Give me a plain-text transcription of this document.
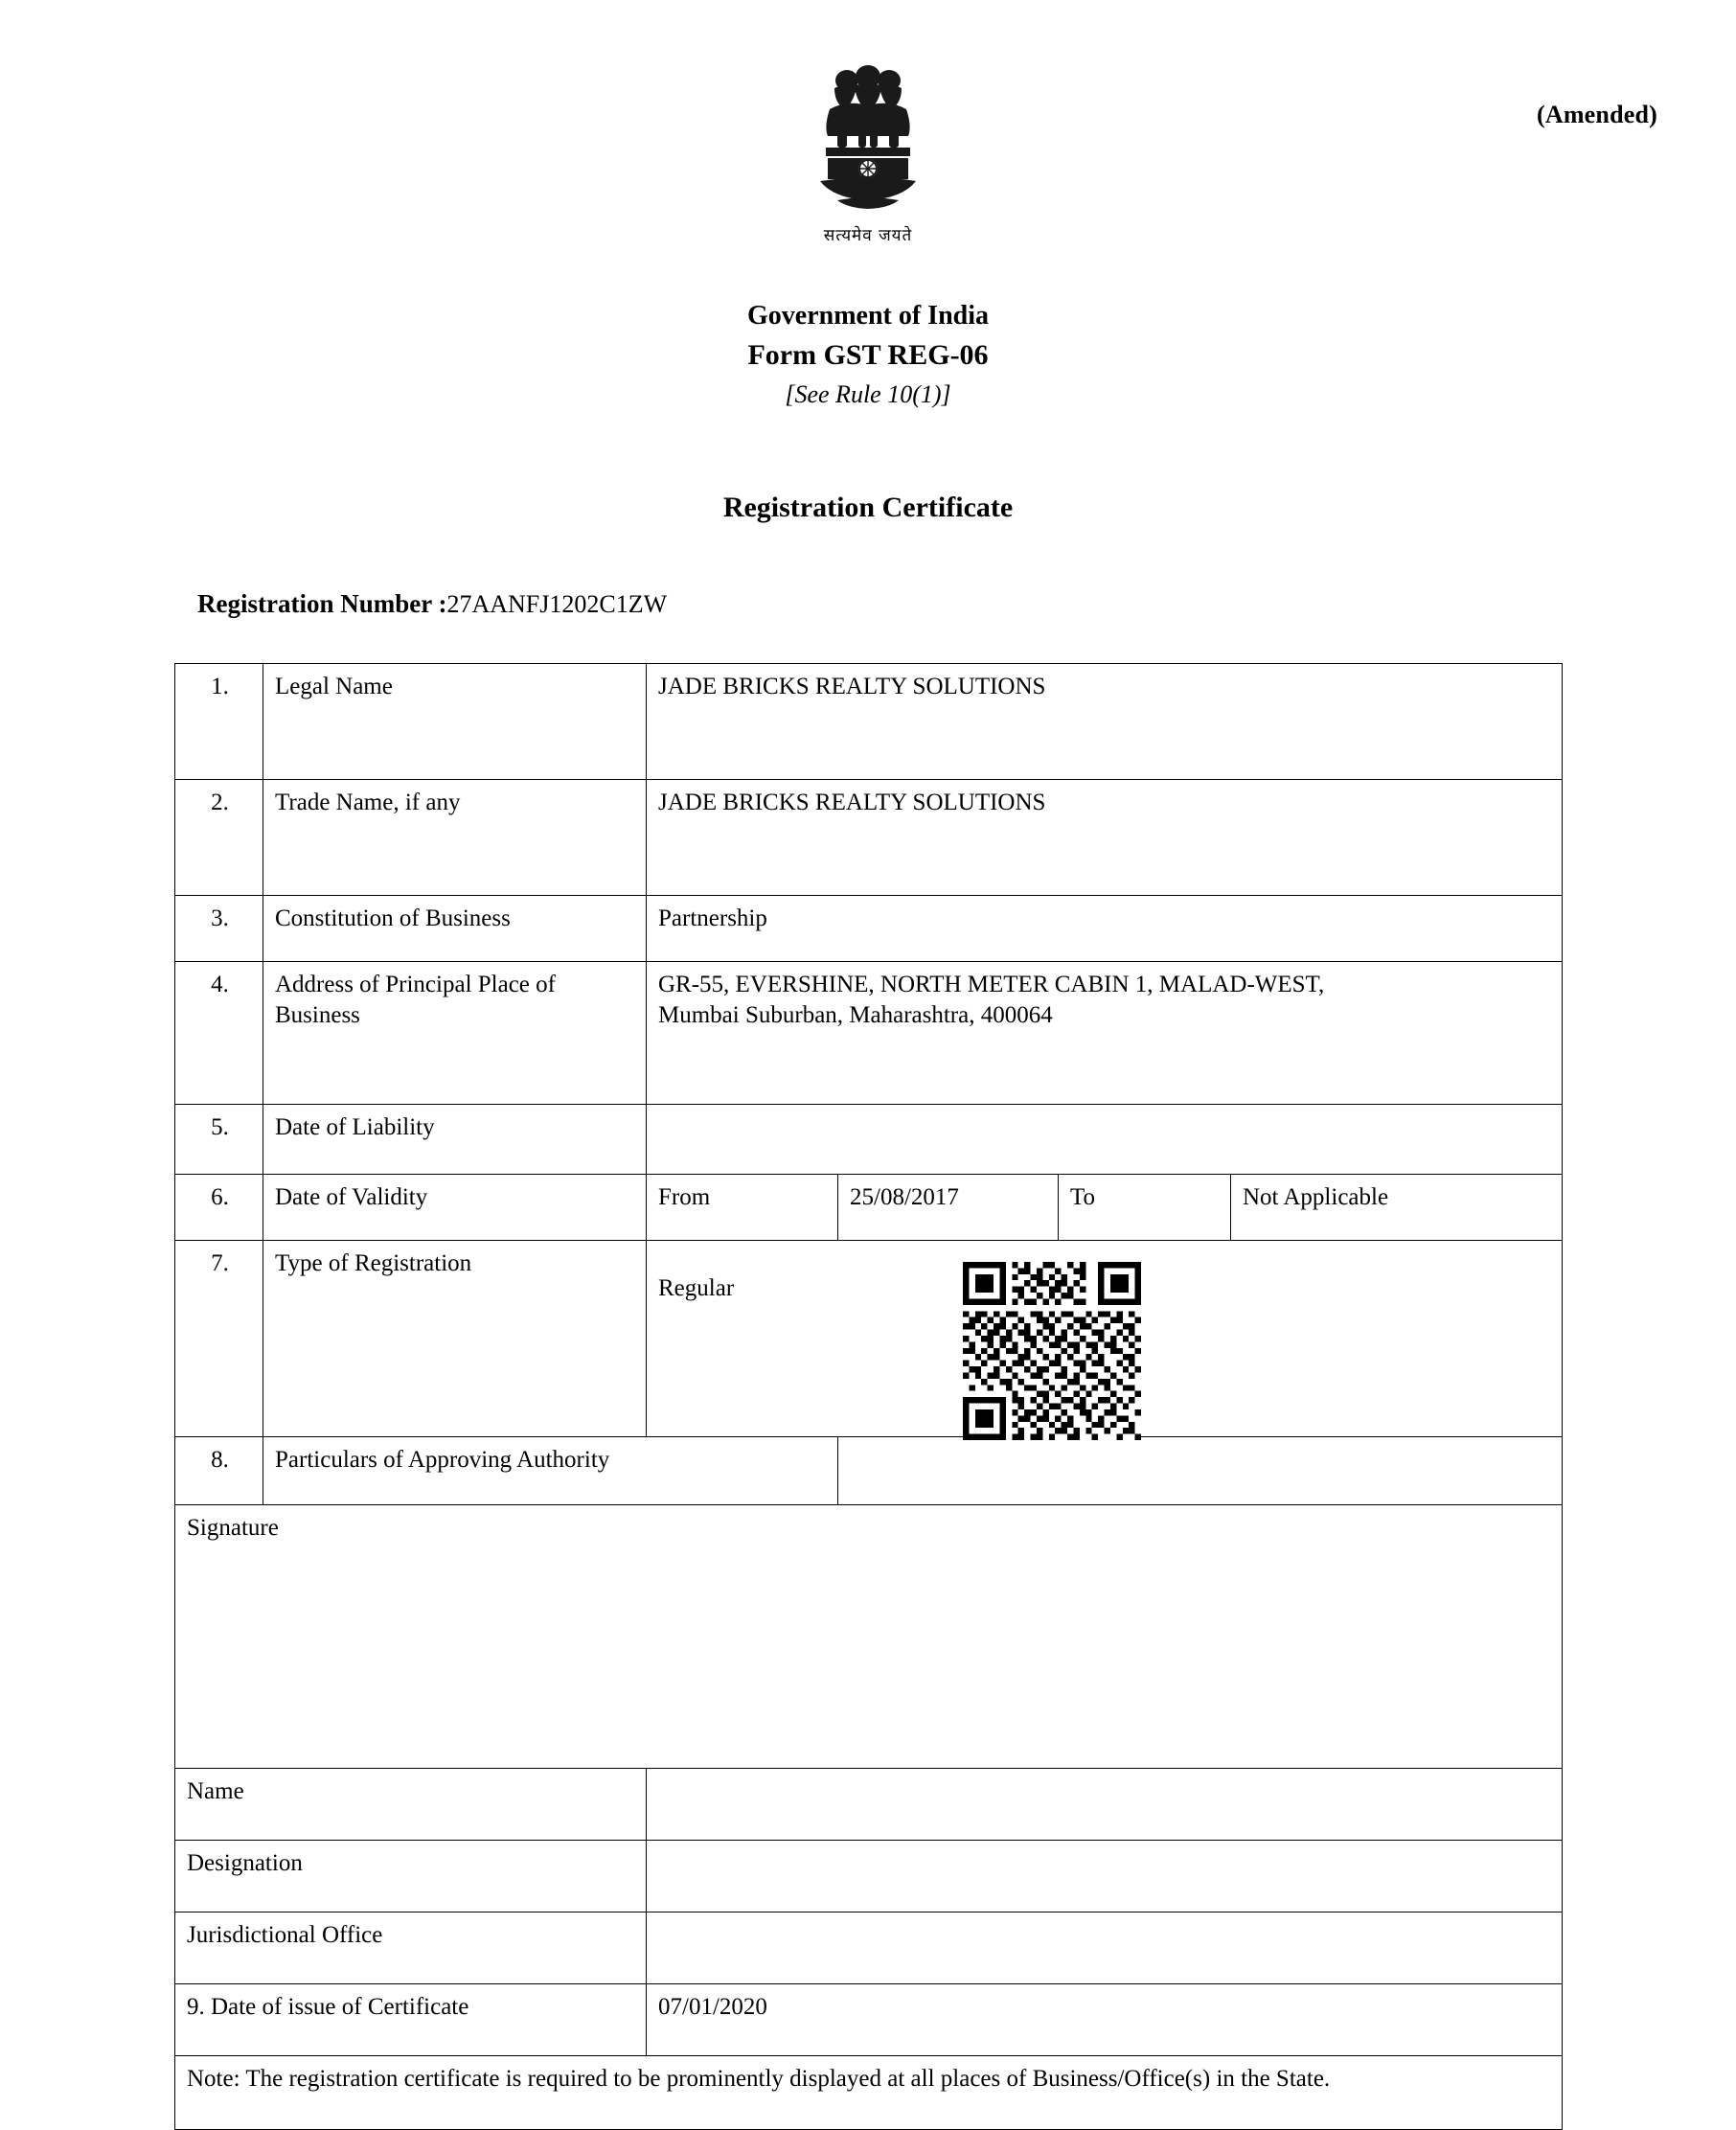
(Amended)
सत्यमेव जयते
Government of India
Form GST REG-06
[See Rule 10(1)]
Registration Certificate
Registration Number :27AANFJ1202C1ZW
1.	Legal Name	JADE BRICKS REALTY SOLUTIONS			
2.	Trade Name, if any	JADE BRICKS REALTY SOLUTIONS			
3.	Constitution of Business	Partnership			
4.	Address of Principal Place of Business	GR-55, EVERSHINE, NORTH METER CABIN 1, MALAD-WEST,
Mumbai Suburban, Maharashtra, 400064			

5.	Date of Liability				
6.	Date of Validity	From	25/08/2017	To	Not Applicable
7.	Type of Registration	Regular			

8.	Particulars of Approving Authority				
Signature					
Name					
Designation					
Jurisdictional Office					
9. Date of issue of Certificate		07/01/2020			
Note: The registration certificate is required to be prominently displayed at all places of Business/Office(s) in the State.					
